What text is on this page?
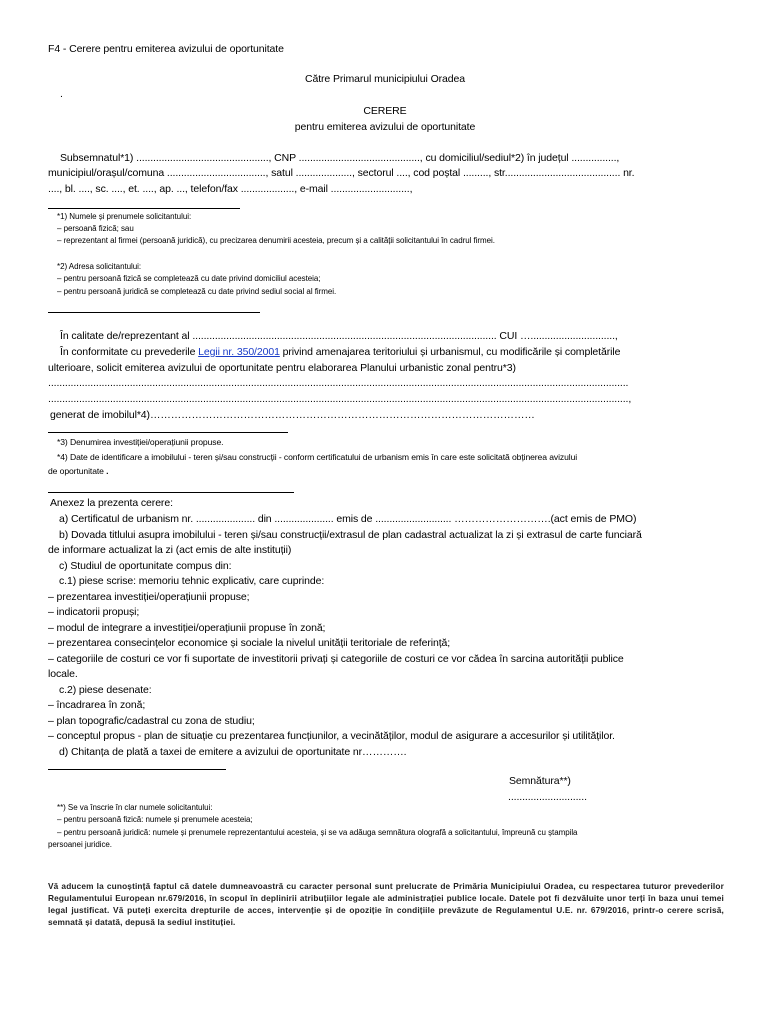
F4 - Cerere pentru emiterea avizului de oportunitate
Către Primarul municipiului Oradea
.
CERERE
pentru emiterea avizului de oportunitate
Subsemnatul*1) ..............................................., CNP ..........................................., cu domiciliul/sediul*2) în județul ................,
municipiul/orașul/comuna ..................................., satul ...................., sectorul ...., cod poștal ........., str......................................... nr.
...., bl. ...., sc. ...., et. ...., ap. ..., telefon/fax ..................., e-mail ............................,
*1) Numele și prenumele solicitantului:
– persoană fizică; sau
– reprezentant al firmei (persoană juridică), cu precizarea denumirii acesteia, precum și a calității solicitantului în cadrul firmei.
*2) Adresa solicitantului:
– pentru persoană fizică se completează cu date privind domiciliul acesteia;
– pentru persoană juridică se completează cu date privind sediul social al firmei.
În calitate de/reprezentant al ............................................................................................................ CUI …..............................,
În conformitate cu prevederile Legii nr. 350/2001 privind amenajarea teritoriului și urbanismul, cu modificările și completările
ulterioare, solicit emiterea avizului de oportunitate pentru elaborarea Planului urbanistic zonal pentru*3)
..............................................................................................................................................................................................................
..............................................................................................................................................................................................................,
generat de imobilul*4)…………………………………………………………………………………………………
*3) Denumirea investiției/operațiunii propuse.
*4) Date de identificare a imobilului - teren și/sau construcții - conform certificatului de urbanism emis în care este solicitată obținerea avizului
de oportunitate .
Anexez la prezenta cerere:
a) Certificatul de urbanism nr. ..................... din ..................... emis de ........................... ……………………….(act emis de PMO)
b) Dovada titlului asupra imobilului - teren și/sau construcții/extrasul de plan cadastral actualizat la zi și extrasul de carte funciară
de informare actualizat la zi (act emis de alte instituții)
c) Studiul de oportunitate compus din:
c.1) piese scrise: memoriu tehnic explicativ, care cuprinde:
– prezentarea investiției/operațiunii propuse;
– indicatorii propuși;
– modul de integrare a investiției/operațiunii propuse în zonă;
– prezentarea consecințelor economice și sociale la nivelul unității teritoriale de referință;
– categoriile de costuri ce vor fi suportate de investitorii privați și categoriile de costuri ce vor cădea în sarcina autorității publice
locale.
c.2) piese desenate:
– încadrarea în zonă;
– plan topografic/cadastral cu zona de studiu;
– conceptul propus - plan de situație cu prezentarea funcțiunilor, a vecinătăților, modul de asigurare a accesurilor și utilităților.
d) Chitanța de plată a taxei de emitere a avizului de oportunitate nr………….
Semnătura**)
............................
**) Se va înscrie în clar numele solicitantului:
– pentru persoană fizică: numele și prenumele acesteia;
– pentru persoană juridică: numele și prenumele reprezentantului acesteia, și se va adăuga semnătura olografă a solicitantului, împreună cu ștampila
persoanei juridice.
Vă aducem la cunoștință faptul că datele dumneavoastră cu caracter personal sunt prelucrate de Primăria Municipiului Oradea, cu respectarea tuturor prevederilor Regulamentului European nr.679/2016, în scopul în deplinirii atribuțiilor legale ale administrației publice locale. Datele pot fi dezvăluite unor terți în baza unui temei legal justificat. Vă puteți exercita drepturile de acces, intervenție și de opoziție în condițiile prevăzute de Regulamentul U.E. nr. 679/2016, printr-o cerere scrisă, semnată și datată, depusă la sediul instituției.
